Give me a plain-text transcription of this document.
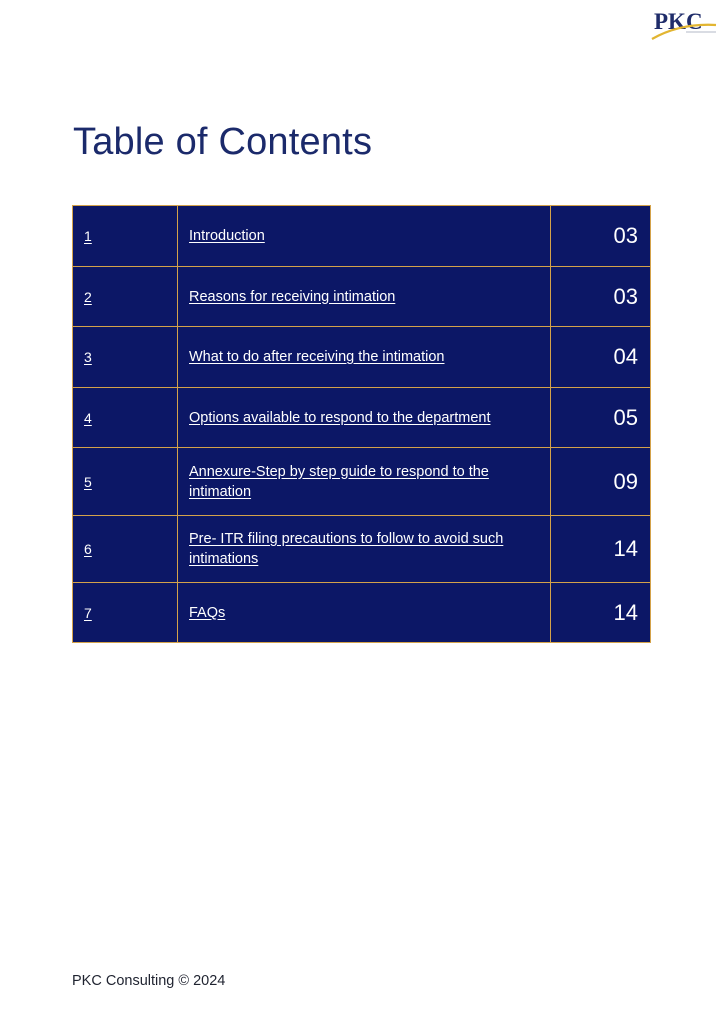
PKC
Table of Contents
1	Introduction	03
2	Reasons for receiving intimation	03
3	What to do after receiving the intimation	04
4	Options available to respond to the department	05
5	Annexure-Step by step guide to respond to the intimation	09
6	Pre- ITR filing precautions to follow to avoid such intimations	14
7	FAQs	14
PKC Consulting © 2024
